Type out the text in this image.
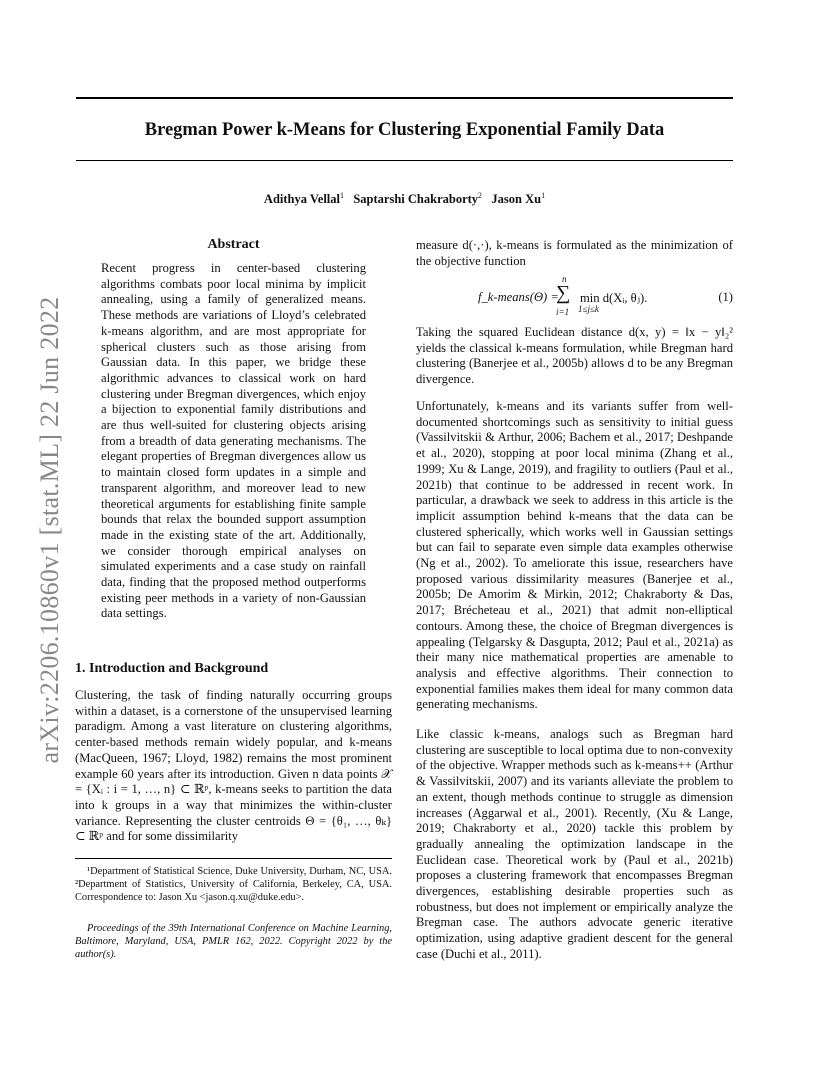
Bregman Power k-Means for Clustering Exponential Family Data
Adithya Vellal$^1$ Saptarshi Chakraborty$^2$ Jason Xu$^1$
arXiv:2206.10860v1 [stat.ML] 22 Jun 2022
Abstract

Recent progress in center-based clustering algorithms combats poor local minima by implicit annealing, using a family of generalized means. These methods are variations of Lloyd’s celebrated k-means algorithm, and are most appropriate for spherical clusters such as those arising from Gaussian data. In this paper, we bridge these algorithmic advances to classical work on hard clustering under Bregman divergences, which enjoy a bijection to exponential family distributions and are thus well-suited for clustering objects arising from a breadth of data generating mechanisms. The elegant properties of Bregman divergences allow us to maintain closed form updates in a simple and transparent algorithm, and moreover lead to new theoretical arguments for establishing finite sample bounds that relax the bounded support assumption made in the existing state of the art. Additionally, we consider thorough empirical analyses on simulated experiments and a case study on rainfall data, finding that the proposed method outperforms existing peer methods in a variety of non-Gaussian data settings.

1. Introduction and Background

Clustering, the task of finding naturally occurring groups within a dataset, is a cornerstone of the unsupervised learning paradigm. Among a vast literature on clustering algorithms, center-based methods remain widely popular, and k-means (MacQueen, 1967; Lloyd, 1982) remains the most prominent example 60 years after its introduction. Given n data points 𝒳 = {Xᵢ : i = 1, …, n} ⊂ ℝᵖ, k-means seeks to partition the data into k groups in a way that minimizes the within-cluster variance. Representing the cluster centroids Θ = {θ₁, …, θₖ} ⊂ ℝᵖ and for some dissimilarity

¹Department of Statistical Science, Duke University, Durham, NC, USA. ²Department of Statistics, University of California, Berkeley, CA, USA. Correspondence to: Jason Xu <jason.q.xu@duke.edu>.

Proceedings of the 39th International Conference on Machine Learning, Baltimore, Maryland, USA, PMLR 162, 2022. Copyright 2022 by the author(s).

measure d(·,·), k-means is formulated as the minimization of the objective function

f_k-means(Θ) =
∑
n
i=1
min d(Xᵢ, θⱼ).
1≤j≤k
(1)

Taking the squared Euclidean distance d(x, y) = ‖x − y‖₂² yields the classical k-means formulation, while Bregman hard clustering (Banerjee et al., 2005b) allows d to be any Bregman divergence.

Unfortunately, k-means and its variants suffer from well-documented shortcomings such as sensitivity to initial guess (Vassilvitskii & Arthur, 2006; Bachem et al., 2017; Deshpande et al., 2020), stopping at poor local minima (Zhang et al., 1999; Xu & Lange, 2019), and fragility to outliers (Paul et al., 2021b) that continue to be addressed in recent work. In particular, a drawback we seek to address in this article is the implicit assumption behind k-means that the data can be clustered spherically, which works well in Gaussian settings but can fail to separate even simple data examples otherwise (Ng et al., 2002). To ameliorate this issue, researchers have proposed various dissimilarity measures (Banerjee et al., 2005b; De Amorim & Mirkin, 2012; Chakraborty & Das, 2017; Brécheteau et al., 2021) that admit non-elliptical contours. Among these, the choice of Bregman divergences is appealing (Telgarsky & Dasgupta, 2012; Paul et al., 2021a) as their many nice mathematical properties are amenable to analysis and effective algorithms. Their connection to exponential families makes them ideal for many common data generating mechanisms.

Like classic k-means, analogs such as Bregman hard clustering are susceptible to local optima due to non-convexity of the objective. Wrapper methods such as k-means++ (Arthur & Vassilvitskii, 2007) and its variants alleviate the problem to an extent, though methods continue to struggle as dimension increases (Aggarwal et al., 2001). Recently, (Xu & Lange, 2019; Chakraborty et al., 2020) tackle this problem by gradually annealing the optimization landscape in the Euclidean case. Theoretical work by (Paul et al., 2021b) proposes a clustering framework that encompasses Bregman divergences, establishing desirable properties such as robustness, but does not implement or empirically analyze the Bregman case. The authors advocate generic iterative optimization, using adaptive gradient descent for the general case (Duchi et al., 2011).
